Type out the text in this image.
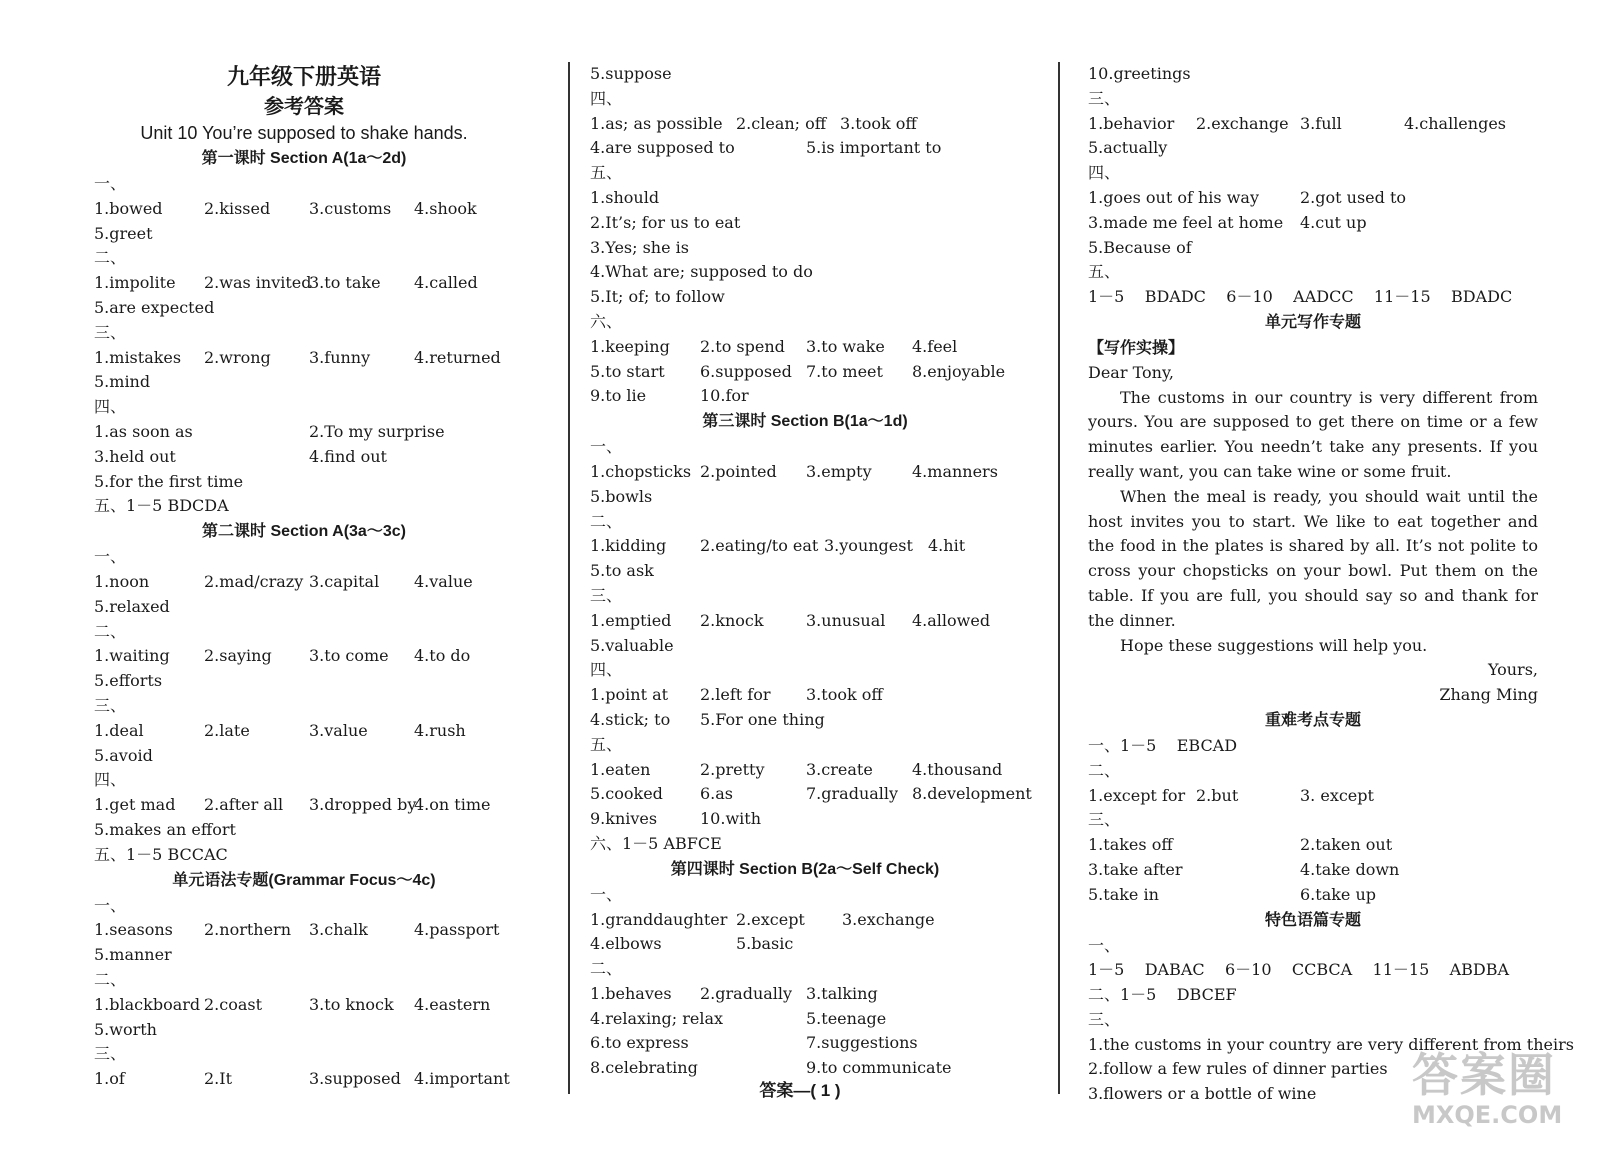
九年级下册英语
参考答案
Unit 10 You’re supposed to shake hands.
第一课时 Section A(1a～2d)
一、
1.bowed	2.kissed 3.customs 4.shook
5.greet
二、
1.impolite 2.was invited
3.to take 4.called
5.are expected
三、
1.mistakes 2.wrong 3.funny	4.returned
5.mind
四、
1.as soon as	2.To my surprise
3.held out	4.find out
5.for the first time
五、1－5 BDCDA
第二课时 Section A(3a～3c)
一、
1.noon	2.mad/crazy 3.capital 4.value
5.relaxed
二、
1.waiting 2.saying 3.to come 4.to do
5.efforts
三、
1.deal	2.late	3.value	4.rush
5.avoid
四、
1.get mad 2.after all 3.dropped by
4.on time
5.makes an effort
五、1－5 BCCAC
单元语法专题(Grammar Focus～4c)
一、
1.seasons 2.northern 3.chalk	4.passport
5.manner
二、
1.blackboard 2.coast	3.to knock 4.eastern
5.worth
三、
1.of	2.It	3.supposed 4.important
5.suppose
四、
1.as; as possible 2.clean; off 3.took off
4.are supposed to	5.is important to
五、
1.should
2.It’s; for us to eat
3.Yes; she is
4.What are; supposed to do
5.It; of; to follow
六、
1.keeping 2.to spend 3.to wake 4.feel
5.to start 6.supposed 7.to meet 8.enjoyable
9.to lie	10.for
第三课时 Section B(1a～1d)
一、
1.chopsticks 2.pointed 3.empty	4.manners
5.bowls
二、
1.kidding 2.eating/to eat 3.youngest 4.hit
5.to ask
三、
1.emptied 2.knock	3.unusual 4.allowed
5.valuable
四、
1.point at 2.left for 3.took off
4.stick; to 5.For one thing
五、
1.eaten	2.pretty	3.create 4.thousand
5.cooked 6.as	7.gradually 8.development
9.knives	10.with
六、1－5 ABFCE
第四课时 Section B(2a～Self Check)
一、
1.granddaughter 2.except 3.exchange
4.elbows	5.basic
二、
1.behaves 2.gradually 3.talking
4.relaxing; relax	5.teenage
6.to express	7.suggestions
8.celebrating	9.to communicate
10.greetings
三、
1.behavior 2.exchange 3.full	4.challenges
5.actually
四、
1.goes out of his way	2.got used to
3.made me feel at home 4.cut up
5.Because of
五、
1－5    BDADC    6－10    AADCC    11－15    BDADC
单元写作专题
【写作实操】
Dear Tony,
The customs in our country is very different from yours. You are supposed to get there on time or a few minutes earlier. You needn’t take any presents. If you really want, you can take wine or some fruit.
When the meal is ready, you should wait until the host invites you to start. We like to eat together and the food in the plates is shared by all. It’s not polite to cross your chopsticks on your bowl. Put them on the table. If you are full, you should say so and thank for the dinner.
Hope these suggestions will help you.
Yours,
Zhang Ming
重难考点专题
一、1－5    EBCAD
二、
1.except for 2.but	3. except
三、
1.takes off	2.taken out
3.take after	4.take down
5.take in	6.take up
特色语篇专题
一、
1－5    DABAC    6－10    CCBCA    11－15    ABDBA
二、1－5    DBCEF
三、
1.the customs in your country are very different from theirs
2.follow a few rules of dinner parties
3.flowers or a bottle of wine
答案—( 1 )	答案圈
MXQE.COM
